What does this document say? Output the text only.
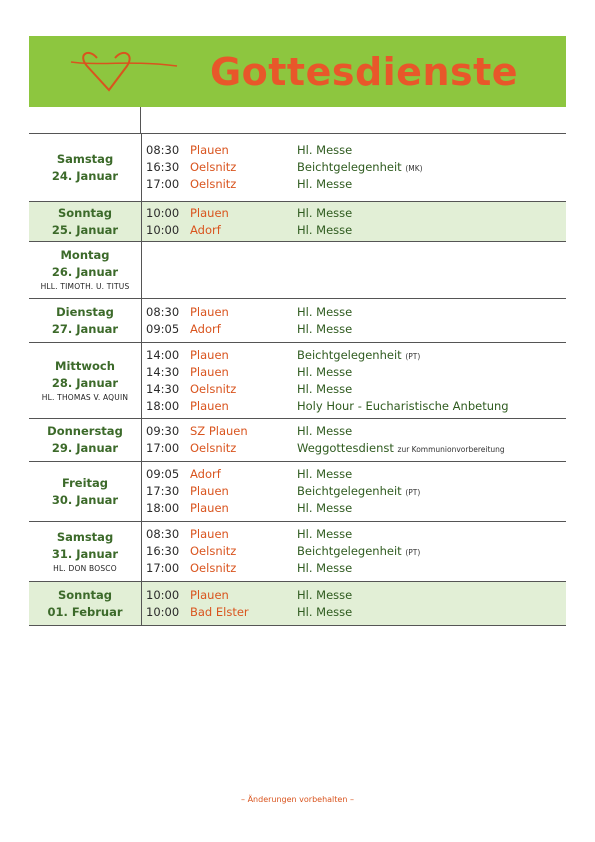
Gottesdienste
Samstag
24. Januar
08:30 Plauen	Hl. Messe
16:30 Oelsnitz	Beichtgelegenheit (MK)
17:00 Oelsnitz	Hl. Messe
Sonntag
25. Januar
10:00 Plauen	Hl. Messe
10:00 Adorf	Hl. Messe
Montag
26. Januar
HLL. TIMOTH. U. TITUS
Dienstag
27. Januar
08:30 Plauen	Hl. Messe
09:05 Adorf	Hl. Messe
Mittwoch
28. Januar
HL. THOMAS V. AQUIN
14:00 Plauen	Beichtgelegenheit (PT)
14:30 Plauen	Hl. Messe
14:30 Oelsnitz	Hl. Messe
18:00 Plauen	Holy Hour - Eucharistische Anbetung
Donnerstag
29. Januar
09:30 SZ Plauen	Hl. Messe
17:00 Oelsnitz	Weggottesdienst zur Kommunionvorbereitung
Freitag
30. Januar
09:05 Adorf	Hl. Messe
17:30 Plauen	Beichtgelegenheit (PT)
18:00 Plauen	Hl. Messe
Samstag
31. Januar
HL. DON BOSCO
08:30 Plauen	Hl. Messe
16:30 Oelsnitz	Beichtgelegenheit (PT)
17:00 Oelsnitz	Hl. Messe
Sonntag
01. Februar
10:00 Plauen	Hl. Messe
10:00 Bad Elster	Hl. Messe
– Änderungen vorbehalten –
